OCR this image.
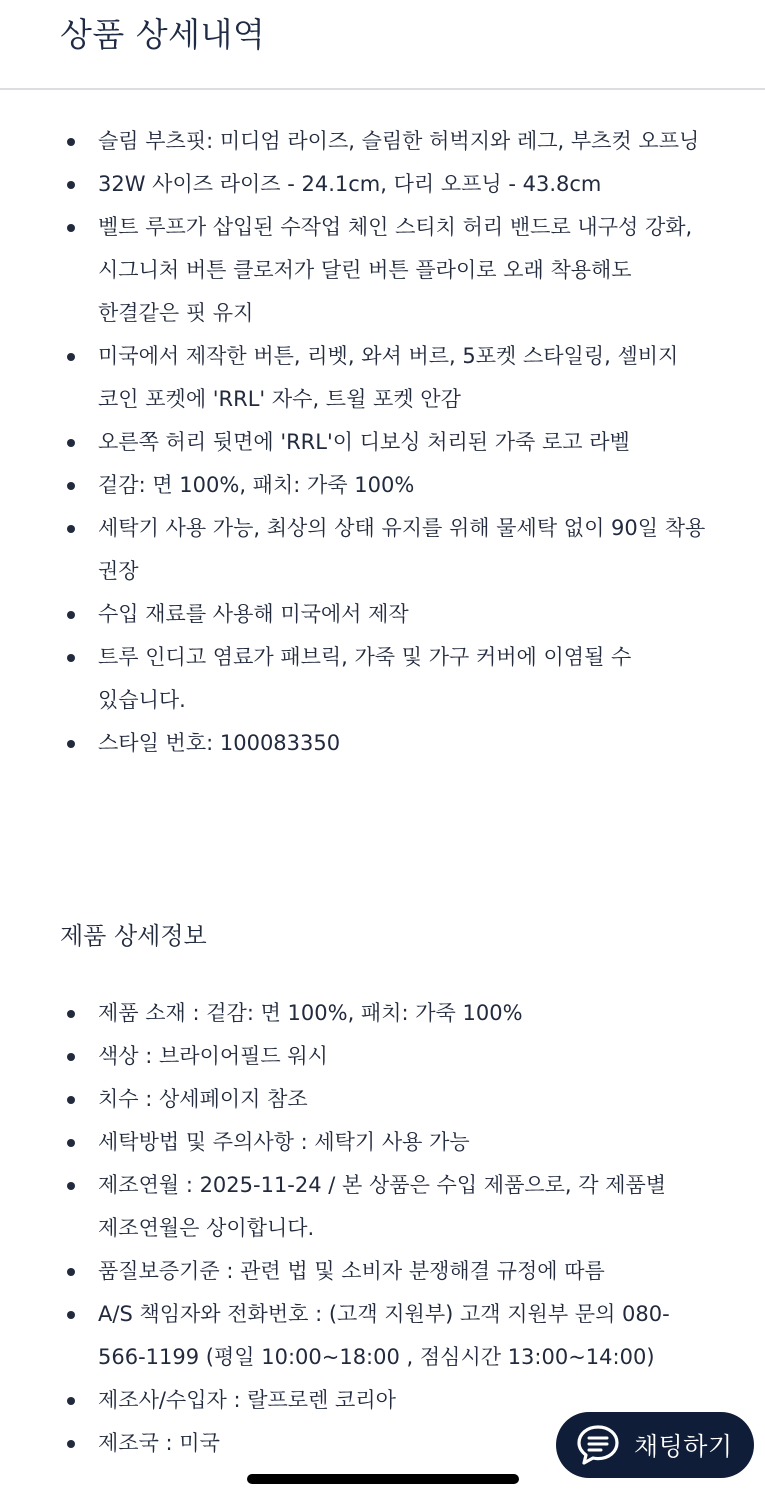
상품 상세내역
슬림 부츠핏: 미디엄 라이즈, 슬림한 허벅지와 레그, 부츠컷 오프닝
32W 사이즈 라이즈 - 24.1cm, 다리 오프닝 - 43.8cm
벨트 루프가 삽입된 수작업 체인 스티치 허리 밴드로 내구성 강화, 시그니처 버튼 클로저가 달린 버튼 플라이로 오래 착용해도 한결같은 핏 유지
미국에서 제작한 버튼, 리벳, 와셔 버르, 5포켓 스타일링, 셀비지 코인 포켓에 'RRL' 자수, 트윌 포켓 안감
오른쪽 허리 뒷면에 'RRL'이 디보싱 처리된 가죽 로고 라벨
겉감: 면 100%, 패치: 가죽 100%
세탁기 사용 가능, 최상의 상태 유지를 위해 물세탁 없이 90일 착용 권장
수입 재료를 사용해 미국에서 제작
트루 인디고 염료가 패브릭, 가죽 및 가구 커버에 이염될 수 있습니다.
스타일 번호: 100083350
제품 상세정보
제품 소재 : 겉감: 면 100%, 패치: 가죽 100%
색상 : 브라이어필드 워시
치수 : 상세페이지 참조
세탁방법 및 주의사항 : 세탁기 사용 가능
제조연월 : 2025-11-24 / 본 상품은 수입 제품으로, 각 제품별 제조연월은 상이합니다.
품질보증기준 : 관련 법 및 소비자 분쟁해결 규정에 따름
A/S 책임자와 전화번호 : (고객 지원부) 고객 지원부 문의 080-566-1199 (평일 10:00~18:00 , 점심시간 13:00~14:00)
제조사/수입자 : 랄프로렌 코리아
제조국 : 미국	채팅하기
